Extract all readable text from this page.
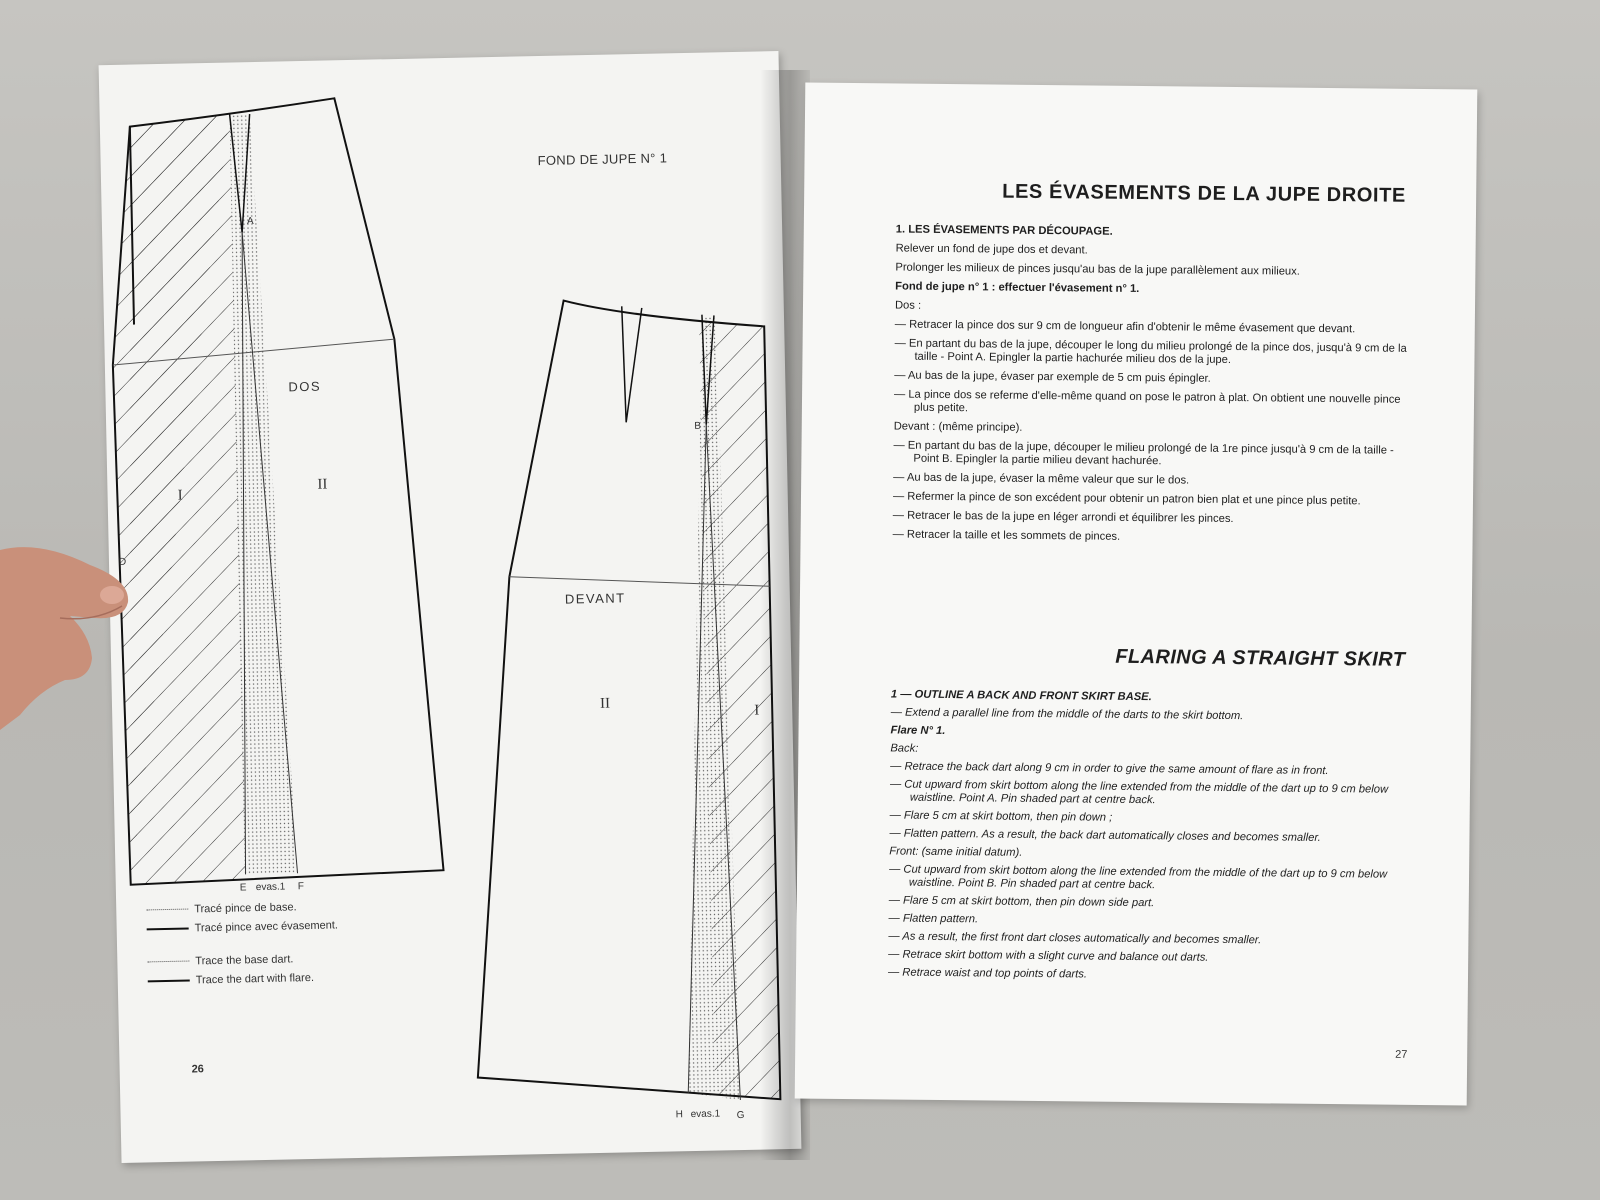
FOND DE JUPE N° 1
DOS
I
II
A
D
E evas.1 F
DEVANT
II	I
B
H evas.1 G
Tracé pince de base.
Tracé pince avec évasement.
Trace the base dart.
Trace the dart with flare.
26
LES ÉVASEMENTS DE LA JUPE DROITE

1. LES ÉVASEMENTS PAR DÉCOUPAGE.

Relever un fond de jupe dos et devant.

Prolonger les milieux de pinces jusqu'au bas de la jupe parallèlement aux milieux.

Fond de jupe n° 1 : effectuer l'évasement n° 1.

Dos :

— Retracer la pince dos sur 9 cm de longueur afin d'obtenir le même évasement que devant.

— En partant du bas de la jupe, découper le long du milieu prolongé de la pince dos, jusqu'à 9 cm de la taille - Point A. Epingler la partie hachurée milieu dos de la jupe.

— Au bas de la jupe, évaser par exemple de 5 cm puis épingler.

— La pince dos se referme d'elle-même quand on pose le patron à plat. On obtient une nouvelle pince plus petite.

Devant : (même principe).

— En partant du bas de la jupe, découper le milieu prolongé de la 1re pince jusqu'à 9 cm de la taille - Point B. Epingler la partie milieu devant hachurée.

— Au bas de la jupe, évaser la même valeur que sur le dos.

— Refermer la pince de son excédent pour obtenir un patron bien plat et une pince plus petite.

— Retracer le bas de la jupe en léger arrondi et équilibrer les pinces.

— Retracer la taille et les sommets de pinces.

FLARING A STRAIGHT SKIRT

1 — OUTLINE A BACK AND FRONT SKIRT BASE.

— Extend a parallel line from the middle of the darts to the skirt bottom.

Flare N° 1.

Back:

— Retrace the back dart along 9 cm in order to give the same amount of flare as in front.

— Cut upward from skirt bottom along the line extended from the middle of the dart up to 9 cm below waistline. Point A. Pin shaded part at centre back.

— Flare 5 cm at skirt bottom, then pin down ;

— Flatten pattern. As a result, the back dart automatically closes and becomes smaller.

Front: (same initial datum).

— Cut upward from skirt bottom along the line extended from the middle of the dart up to 9 cm below waistline. Point B. Pin shaded part at centre back.

— Flare 5 cm at skirt bottom, then pin down side part.

— Flatten pattern.

— As a result, the first front dart closes automatically and becomes smaller.

— Retrace skirt bottom with a slight curve and balance out darts.

— Retrace waist and top points of darts.

27
